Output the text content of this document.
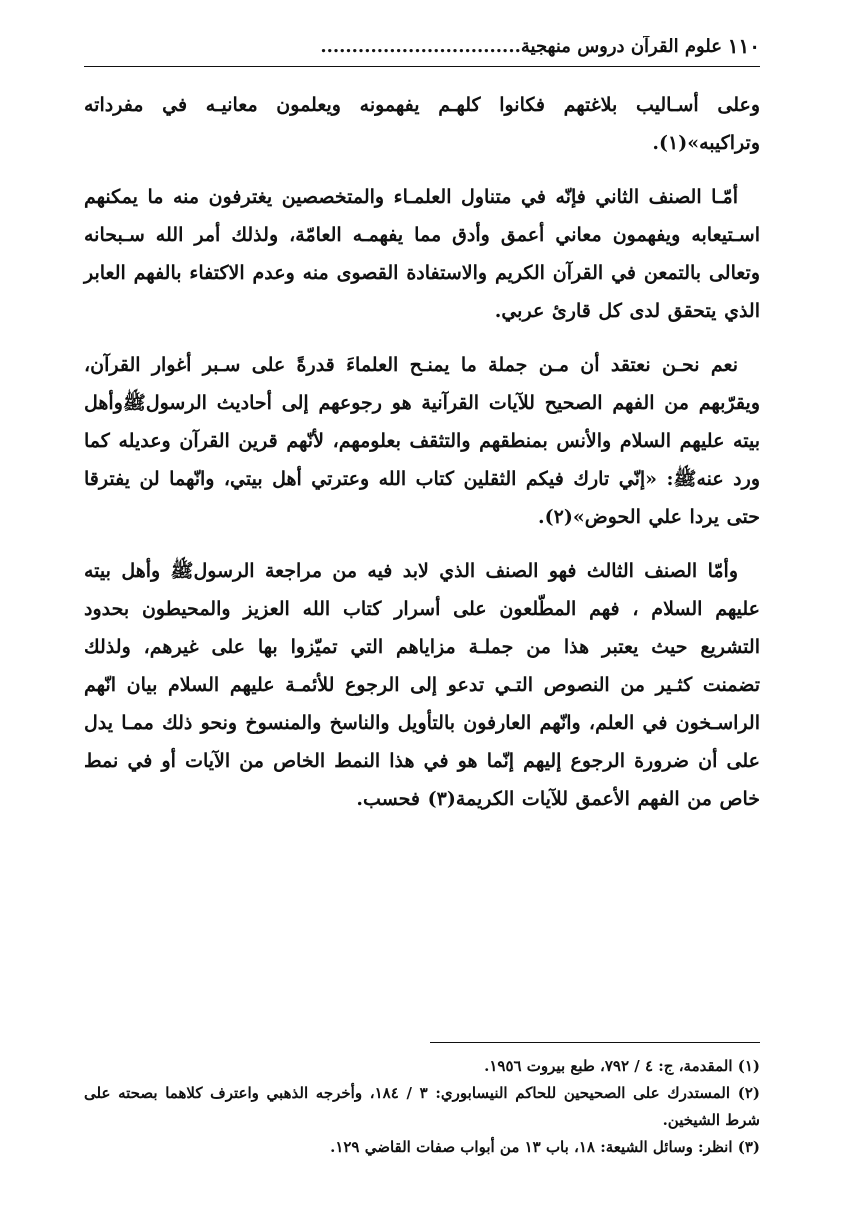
١١٠
علوم القرآن دروس منهجية................................

وعلى أسـاليب بلاغتهم فكانوا كلهـم يفهمونه ويعلمون معانيـه في مفرداته وتراكيبه»(١).

أمّـا الصنف الثاني فإنّه في متناول العلمـاء والمتخصصين يغترفون منه ما يمكنهم اسـتيعابه ويفهمون معاني أعمق وأدق مما يفهمـه العامّة، ولذلك أمر الله سـبحانه وتعالى بالتمعن في القرآن الكريم والاستفادة القصوى منه وعدم الاكتفاء بالفهم العابر الذي يتحقق لدى كل قارئ عربي.

نعم نحـن نعتقد أن مـن جملة ما يمنـح العلماءَ قدرةً على سـبر أغوار القرآن، ويقرّبهم من الفهم الصحيح للآيات القرآنية هو رجوعهم إلى أحاديث الرسولﷺوأهل بيته عليهم السلام والأنس بمنطقهم والتثقف بعلومهم، لأنّهم قرين القرآن وعديله كما ورد عنهﷺ: «إنّي تارك فيكم الثقلين كتاب الله وعترتي أهل بيتي، وانّهما لن يفترقا حتى يردا علي الحوض»(٢).

وأمّا الصنف الثالث فهو الصنف الذي لابد فيه من مراجعة الرسولﷺ وأهل بيته عليهم السلام ، فهم المطّلعون على أسرار كتاب الله العزيز والمحيطون بحدود التشريع حيث يعتبر هذا من جملـة مزاياهم التي تميّزوا بها على غيرهم، ولذلك تضمنت كثـير من النصوص التـي تدعو إلى الرجوع للأئمـة عليهم السلام بيان انّهم الراسـخون في العلم، وانّهم العارفون بالتأويل والناسخ والمنسوخ ونحو ذلك ممـا يدل على أن ضرورة الرجوع إليهم إنّما هو في هذا النمط الخاص من الآيات أو في نمط خاص من الفهم الأعمق للآيات الكريمة(٣) فحسب.

(١) المقدمة، ج: ٤ / ٧٩٢، طبع بيروت ١٩٥٦.

(٢) المستدرك على الصحيحين للحاكم النيسابوري: ٣ / ١٨٤، وأخرجه الذهبي واعترف كلاهما بصحته على شرط الشيخين.

(٣) انظر: وسائل الشيعة: ١٨، باب ١٣ من أبواب صفات القاضي ١٢٩.
